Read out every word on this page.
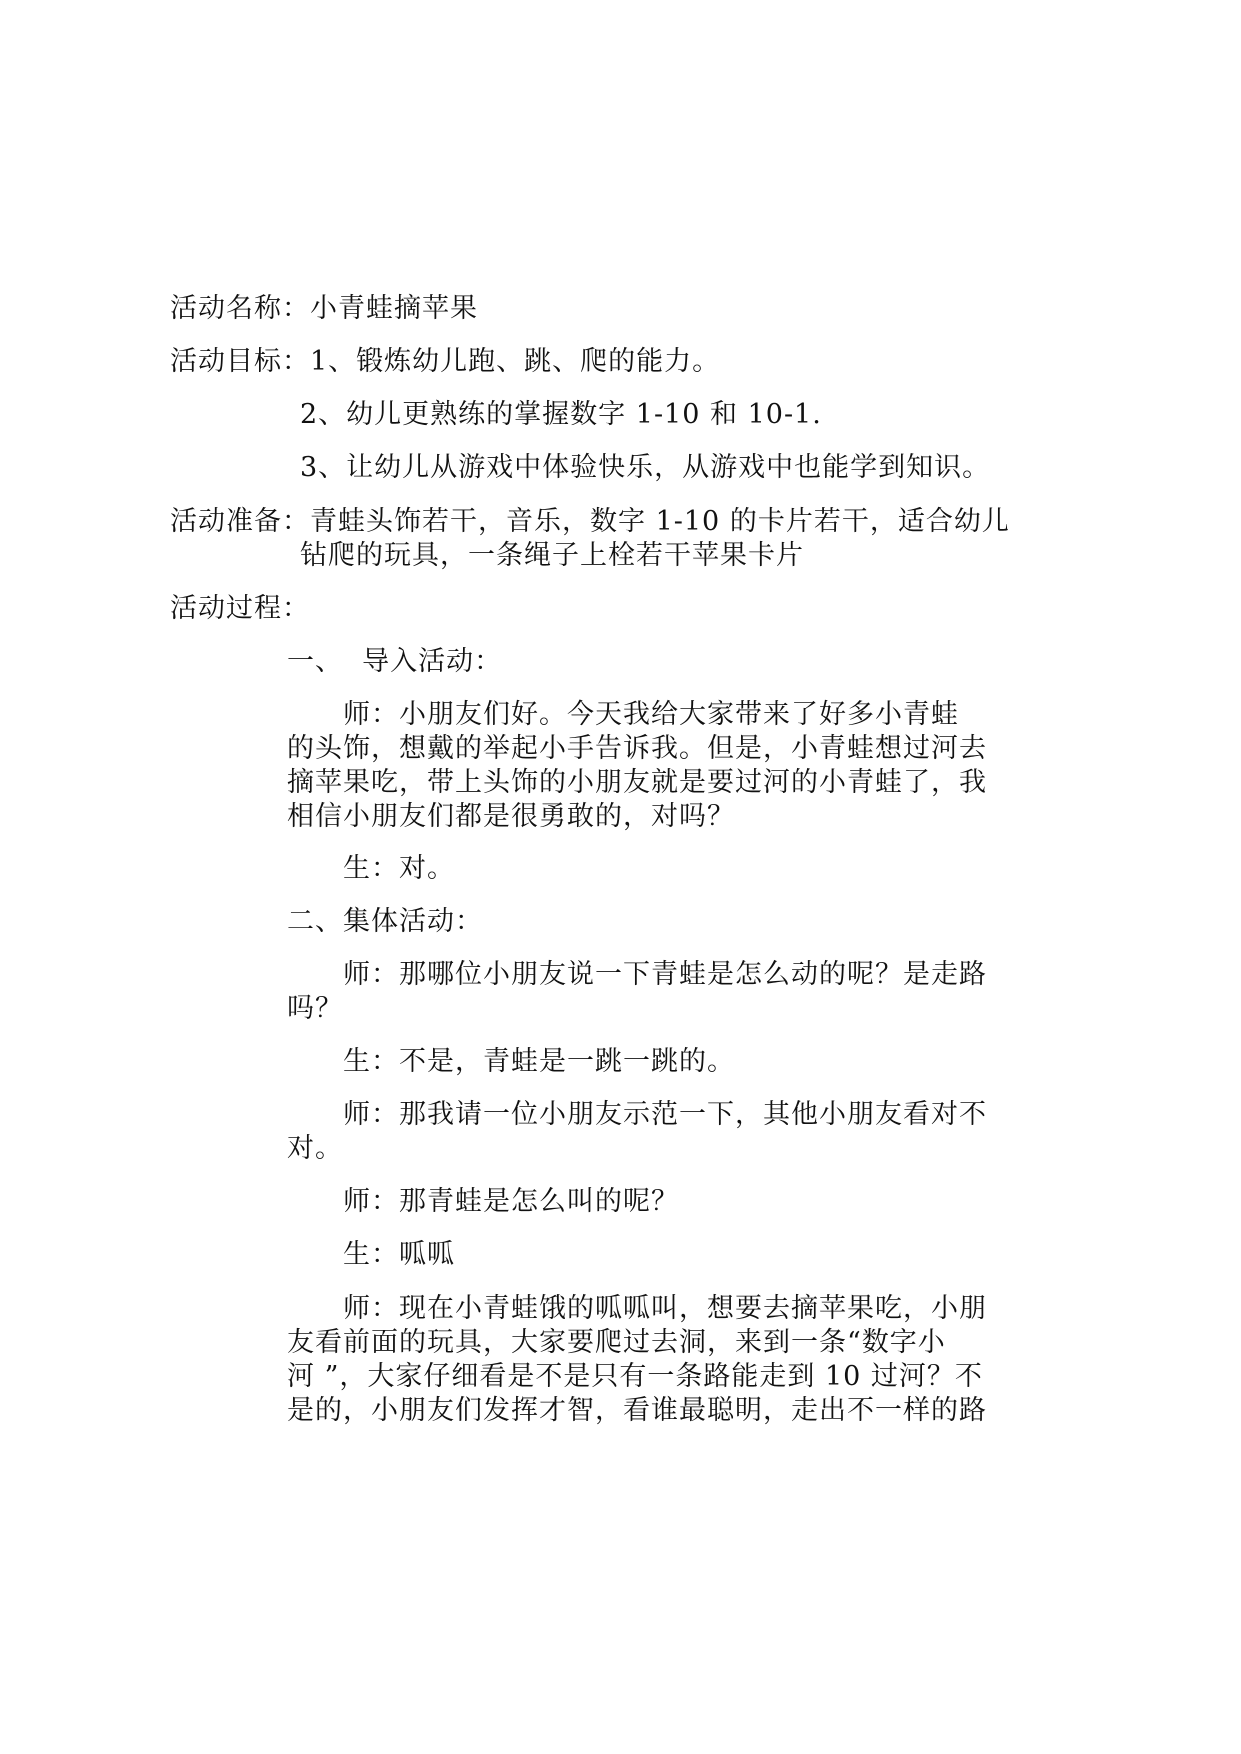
活动名称：小青蛙摘苹果
活动目标：1、锻炼幼儿跑、跳、爬的能力。
2、幼儿更熟练的掌握数字 1-10 和 10-1.
3、让幼儿从游戏中体验快乐，从游戏中也能学到知识。
活动准备：青蛙头饰若干，音乐，数字 1-10 的卡片若干，适合幼儿
钻爬的玩具，一条绳子上栓若干苹果卡片
活动过程：
一、  导入活动：
师：小朋友们好。今天我给大家带来了好多小青蛙
的头饰，想戴的举起小手告诉我。但是，小青蛙想过河去
摘苹果吃，带上头饰的小朋友就是要过河的小青蛙了，我
相信小朋友们都是很勇敢的，对吗？
生：对。
二、集体活动：
师：那哪位小朋友说一下青蛙是怎么动的呢？是走路
吗？
生：不是，青蛙是一跳一跳的。
师：那我请一位小朋友示范一下，其他小朋友看对不
对。
师：那青蛙是怎么叫的呢？
生：呱呱
师：现在小青蛙饿的呱呱叫，想要去摘苹果吃，小朋
友看前面的玩具，大家要爬过去洞，来到一条“数字小
河 ”，大家仔细看是不是只有一条路能走到 10 过河？不
是的，小朋友们发挥才智，看谁最聪明，走出不一样的路
